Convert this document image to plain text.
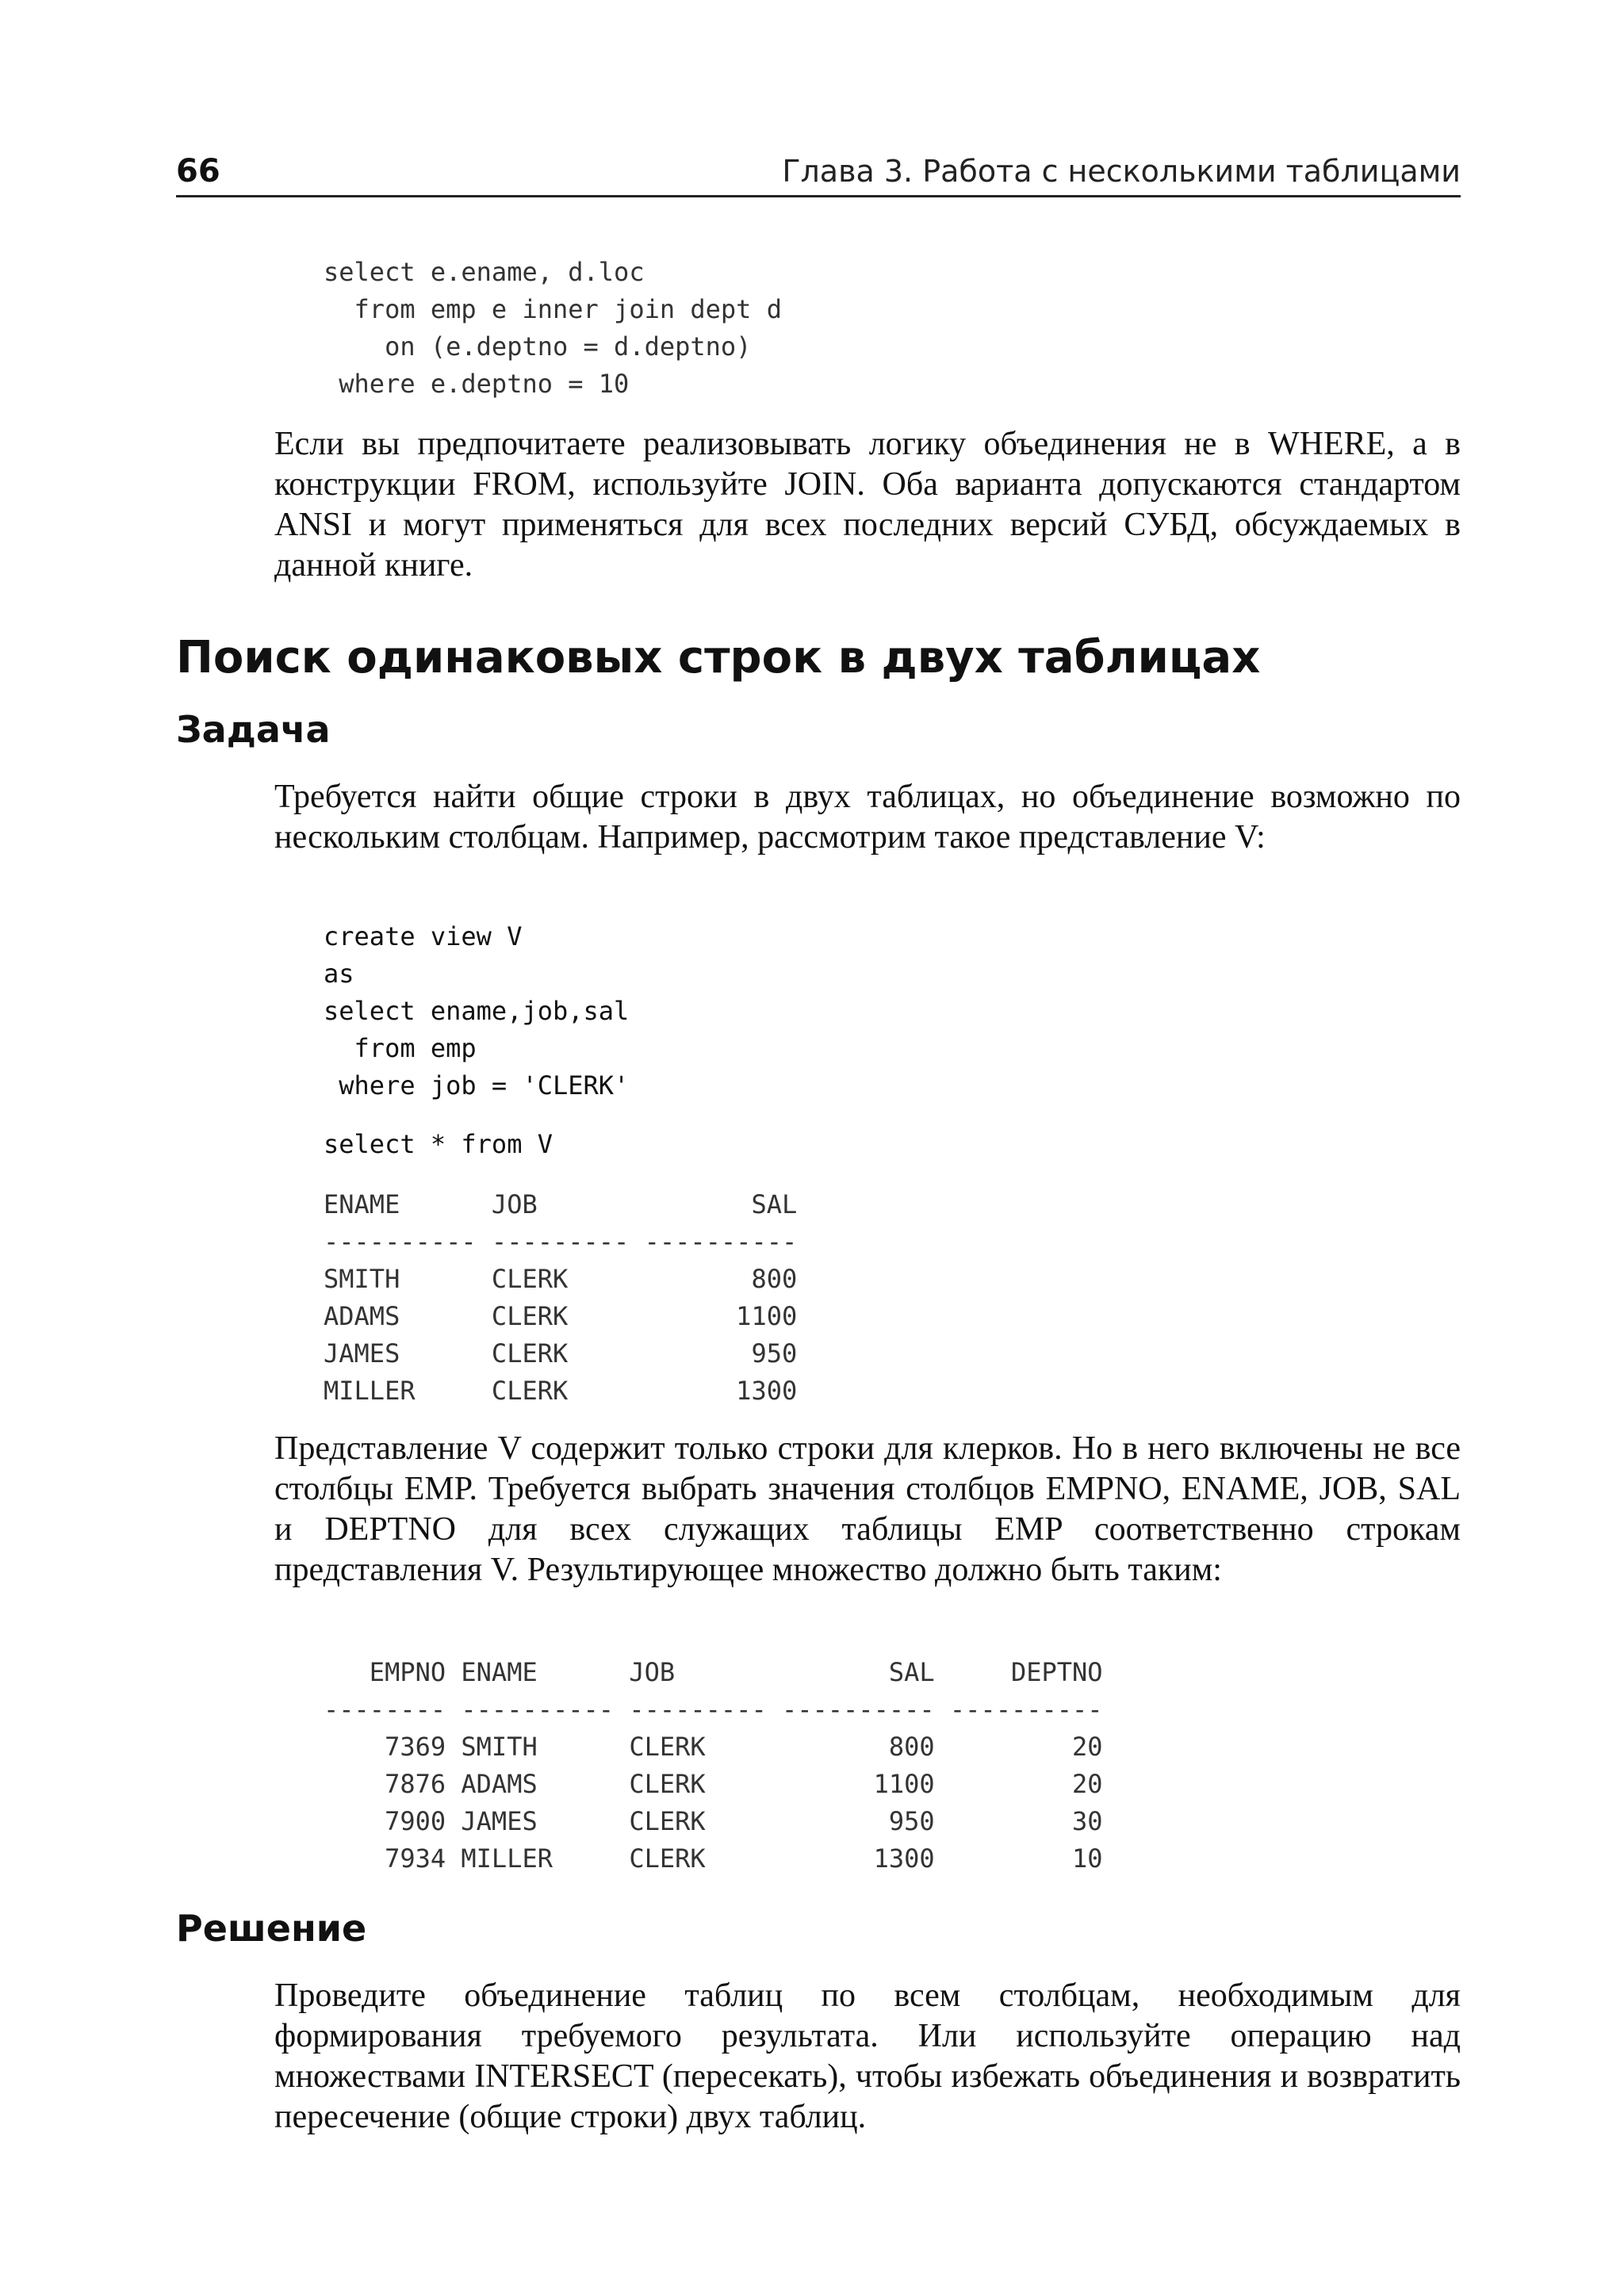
66	Глава 3. Работа с несколькими таблицами
select e.ename, d.loc
from emp e inner join dept d
on (e.deptno = d.deptno)
where e.deptno = 10

Если вы предпочитаете реализовывать логику объединения не в WHERE, а в конструкции FROM, используйте JOIN. Оба варианта допускаются стандартом ANSI и могут применяться для всех последних версий СУБД, обсуждаемых в данной книге.

Поиск одинаковых строк в двух таблицах
Задача

Требуется найти общие строки в двух таблицах, но объединение возможно по нескольким столбцам. Например, рассмотрим такое представление V:

create view V
as
select ename,job,sal
from emp
where job = 'CLERK'
select * from V
ENAME      JOB              SAL
---------- --------- ----------
SMITH      CLERK            800
ADAMS      CLERK           1100
JAMES      CLERK            950
MILLER     CLERK           1300

Представление V содержит только строки для клерков. Но в него включены не все столбцы EMP. Требуется выбрать значения столбцов EMPNO, ENAME, JOB, SAL и DEPTNO для всех служащих таблицы EMP соответственно строкам представления V. Результирующее множество должно быть таким:

EMPNO ENAME      JOB              SAL     DEPTNO
-------- ---------- --------- ---------- ----------
7369 SMITH      CLERK            800         20
7876 ADAMS      CLERK           1100         20
7900 JAMES      CLERK            950         30
7934 MILLER     CLERK           1300         10
Решение

Проведите объединение таблиц по всем столбцам, необходимым для формирования требуемого результата. Или используйте операцию над множествами INTERSECT (пересекать), чтобы избежать объединения и возвратить пересечение (общие строки) двух таблиц.
